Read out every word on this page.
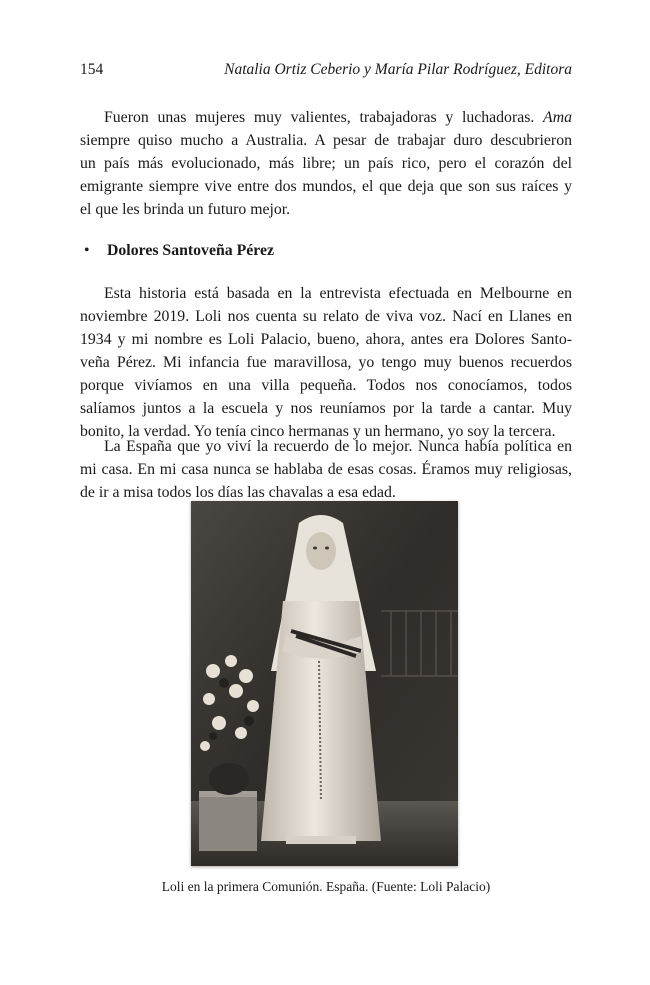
154	Natalia Ortiz Ceberio y María Pilar Rodríguez, Editora
Fueron unas mujeres muy valientes, trabajadoras y luchadoras. Ama
siempre quiso mucho a Australia. A pesar de trabajar duro descubrieron
un país más evolucionado, más libre; un país rico, pero el corazón del
emigrante siempre vive entre dos mundos, el que deja que son sus raíces y
el que les brinda un futuro mejor.
• Dolores Santoveña Pérez
Esta historia está basada en la entrevista efectuada en Melbourne en
noviembre 2019. Loli nos cuenta su relato de viva voz. Nací en Llanes en
1934 y mi nombre es Loli Palacio, bueno, ahora, antes era Dolores Santo-
veña Pérez. Mi infancia fue maravillosa, yo tengo muy buenos recuerdos
porque vivíamos en una villa pequeña. Todos nos conocíamos, todos
salíamos juntos a la escuela y nos reuníamos por la tarde a cantar. Muy
bonito, la verdad. Yo tenía cinco hermanas y un hermano, yo soy la tercera.
La España que yo viví la recuerdo de lo mejor. Nunca había política en
mi casa. En mi casa nunca se hablaba de esas cosas. Éramos muy religiosas,
de ir a misa todos los días las chavalas a esa edad.
Loli en la primera Comunión. España. (Fuente: Loli Palacio)
